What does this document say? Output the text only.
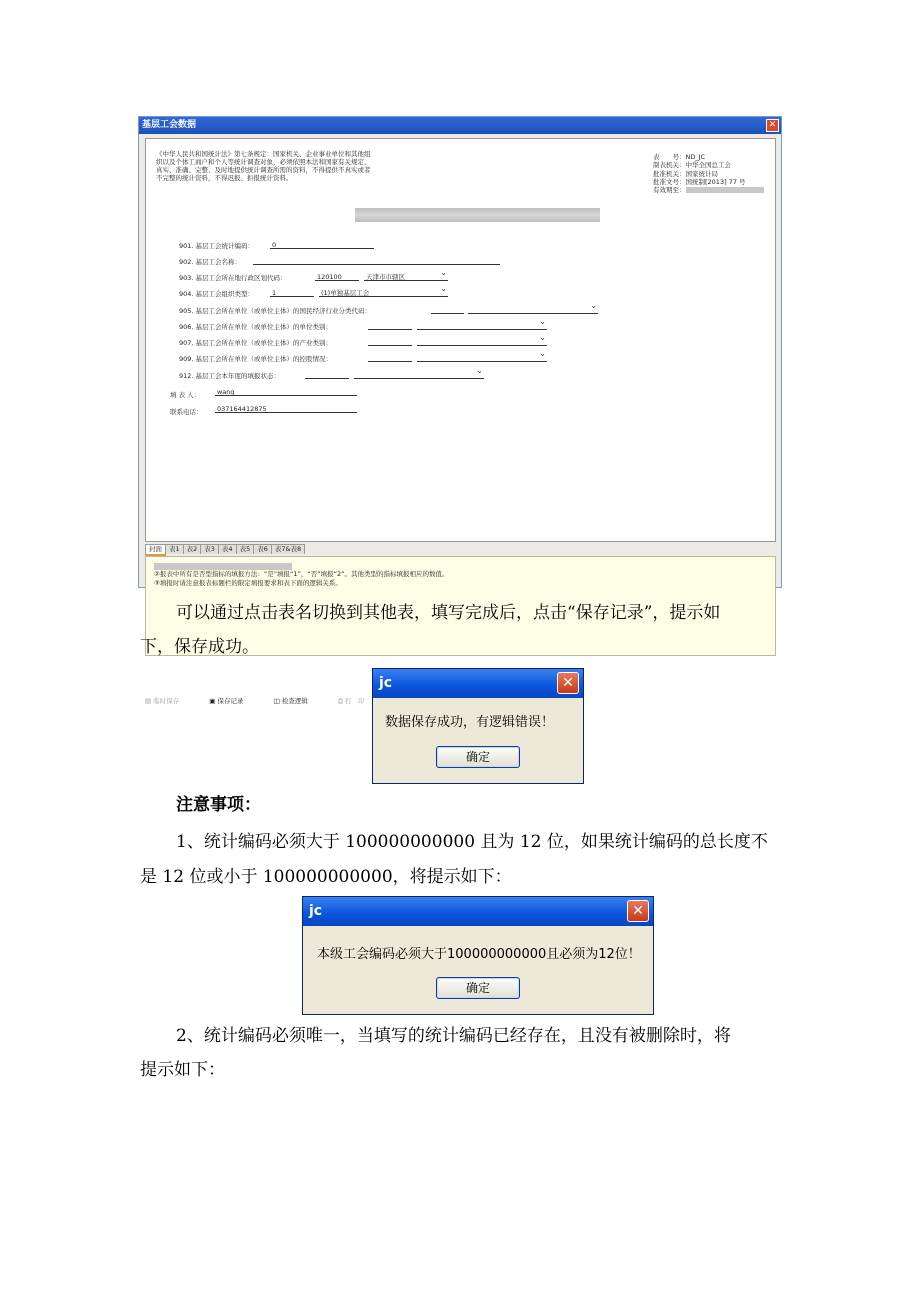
基层工会数据	✕
《中华人民共和国统计法》第七条规定：国家机关、企业事业单位和其他组织以及个体工商户和个人等统计调查对象，必须依照本法和国家有关规定，真实、准确、完整、及时地提供统计调查所需的资料，不得提供不真实或者不完整的统计资料，不得迟报、拒报统计资料。
表　　号：ND_JC
制表机关：中华全国总工会
批准机关：国家统计局
批准文号：国统制[2013] 77 号
有效期至：
901. 基层工会统计编码：	0
902. 基层工会名称：
903. 基层工会所在地行政区划代码：	120100	天津市市辖区 ⌄
904. 基层工会组织类型：	1	(1)单独基层工会 ⌄
905. 基层工会所在单位（或单位主体）的国民经济行业分类代码：
⌄
906. 基层工会所在单位（或单位主体）的单位类别：
⌄
907. 基层工会所在单位（或单位主体）的产业类别：
⌄
909. 基层工会所在单位（或单位主体）的控股情况：
⌄
912. 基层工会本年度的填报状态：
⌄
填 表 人：	wang
联系电话：	037164412875
封面 表1 表2 表3 表4 表5 表6 表7&表8
②报表中所有是否型指标的填报方法：“是”填报“1”，“否”填报“2”。其他类型的指标填报相应的数值。
③填报时请注意报表标题栏的限定填报要求和表下面的逻辑关系。
▤ 临时保存	▣ 保存记录	◫ 检查逻辑	⎙ 打　印
可以通过点击表名切换到其他表，填写完成后，点击“保存记录”，提示如
下，保存成功。
jc	✕
数据保存成功，有逻辑错误！
确定
注意事项：
1、统计编码必须大于 100000000000 且为 12 位，如果统计编码的总长度不
是 12 位或小于 100000000000，将提示如下：
jc	✕
本级工会编码必须大于100000000000且必须为12位！
确定
2、统计编码必须唯一，当填写的统计编码已经存在，且没有被删除时，将
提示如下：
